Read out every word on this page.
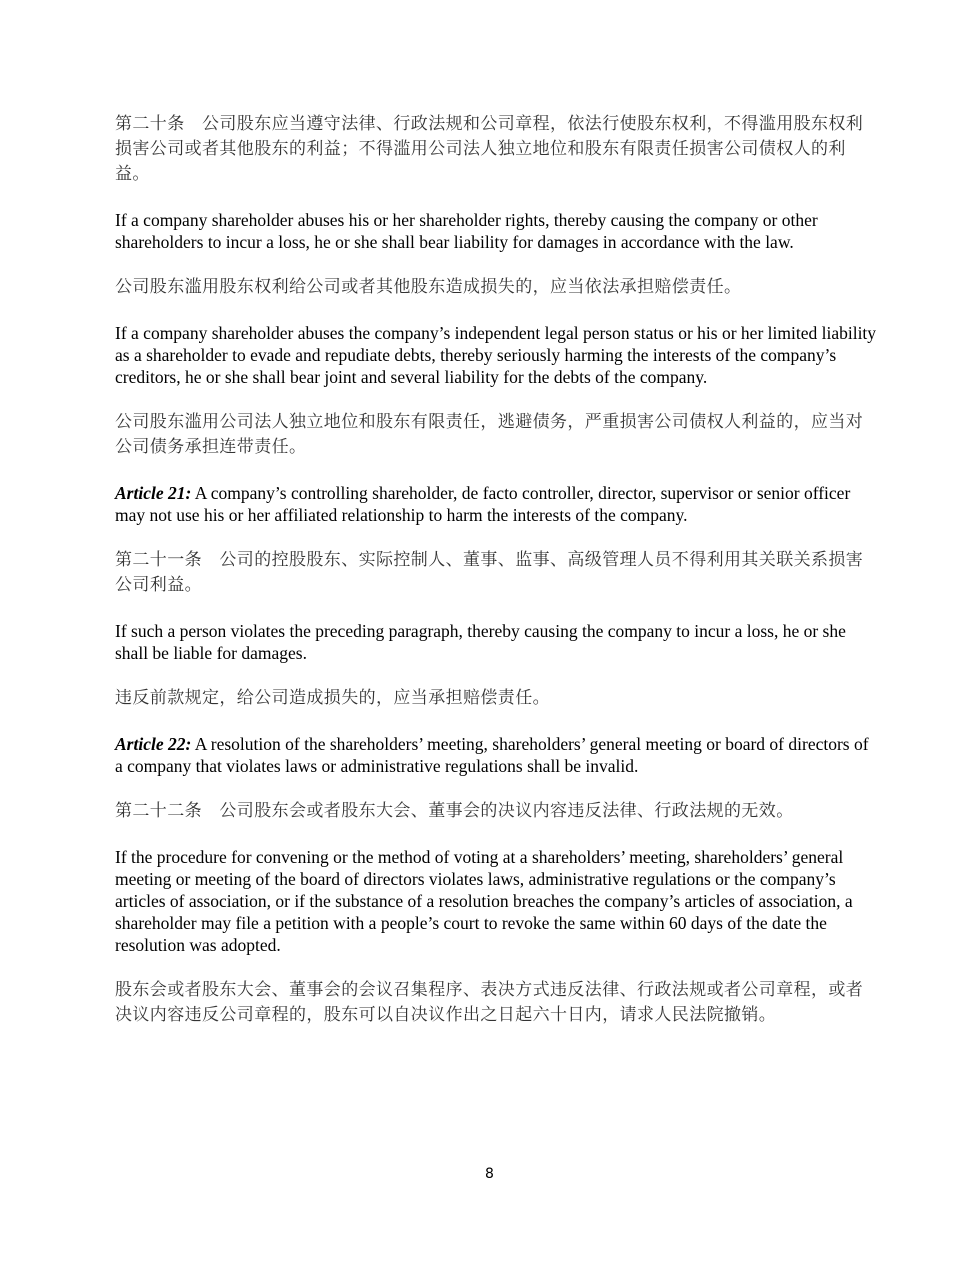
第二十条　公司股东应当遵守法律、行政法规和公司章程，依法行使股东权利，不得滥用股东权利损害公司或者其他股东的利益；不得滥用公司法人独立地位和股东有限责任损害公司债权人的利益。

If a company shareholder abuses his or her shareholder rights, thereby causing the company or other shareholders to incur a loss, he or she shall bear liability for damages in accordance with the law.

公司股东滥用股东权利给公司或者其他股东造成损失的，应当依法承担赔偿责任。

If a company shareholder abuses the company’s independent legal person status or his or her limited liability as a shareholder to evade and repudiate debts, thereby seriously harming the interests of the company’s creditors, he or she shall bear joint and several liability for the debts of the company.

公司股东滥用公司法人独立地位和股东有限责任，逃避债务，严重损害公司债权人利益的，应当对公司债务承担连带责任。

Article 21: A company’s controlling shareholder, de facto controller, director, supervisor or senior officer may not use his or her affiliated relationship to harm the interests of the company.

第二十一条　公司的控股股东、实际控制人、董事、监事、高级管理人员不得利用其关联关系损害公司利益。

If such a person violates the preceding paragraph, thereby causing the company to incur a loss, he or she shall be liable for damages.

违反前款规定，给公司造成损失的，应当承担赔偿责任。

Article 22: A resolution of the shareholders’ meeting, shareholders’ general meeting or board of directors of a company that violates laws or administrative regulations shall be invalid.

第二十二条　公司股东会或者股东大会、董事会的决议内容违反法律、行政法规的无效。

If the procedure for convening or the method of voting at a shareholders’ meeting, shareholders’ general meeting or meeting of the board of directors violates laws, administrative regulations or the company’s articles of association, or if the substance of a resolution breaches the company’s articles of association, a shareholder may file a petition with a people’s court to revoke the same within 60 days of the date the resolution was adopted.

股东会或者股东大会、董事会的会议召集程序、表决方式违反法律、行政法规或者公司章程，或者决议内容违反公司章程的，股东可以自决议作出之日起六十日内，请求人民法院撤销。

8
